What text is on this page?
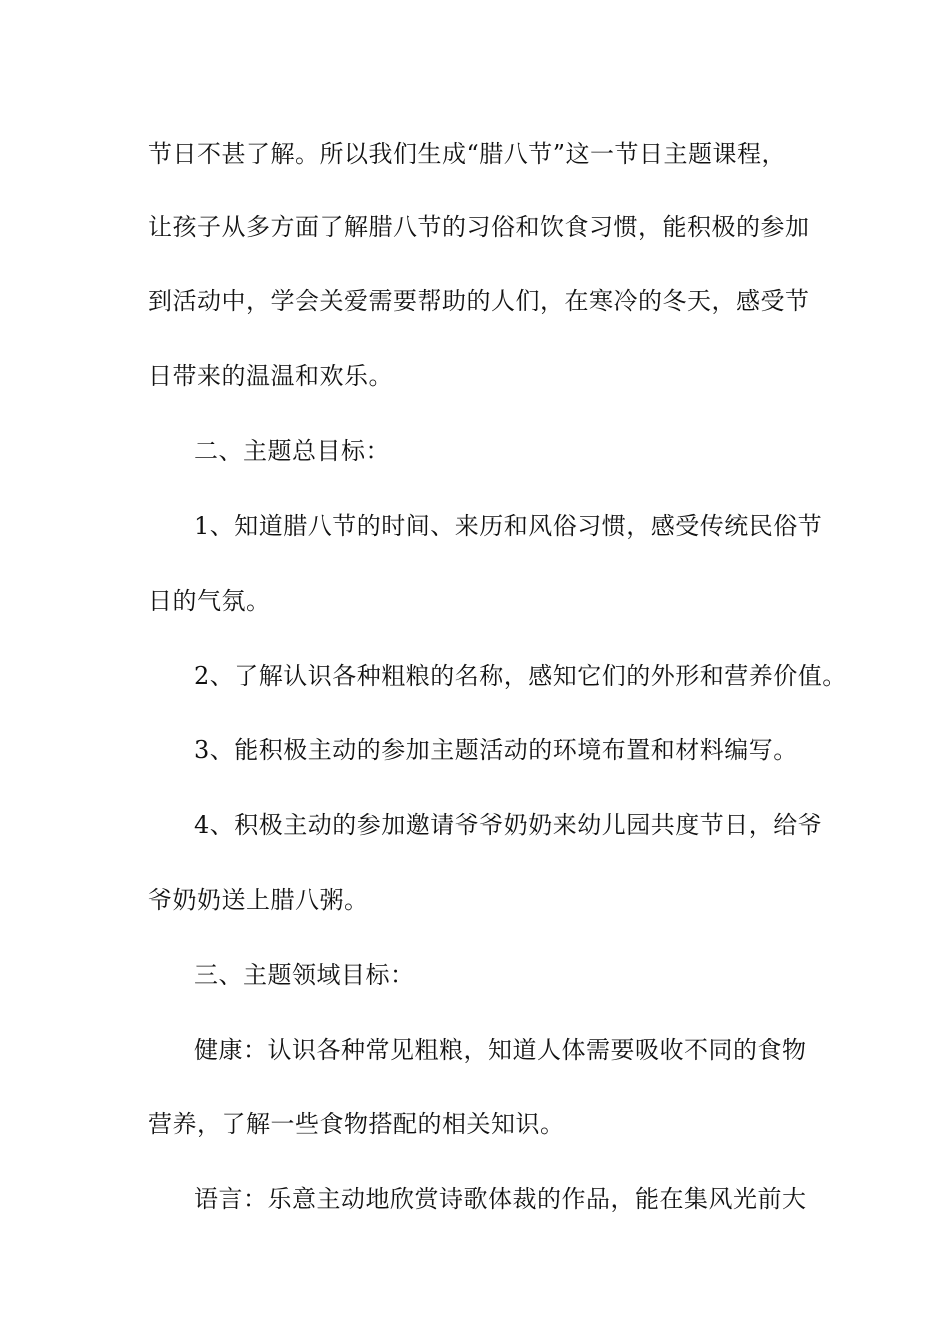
节日不甚了解。所以我们生成“腊八节”这一节日主题课程，
让孩子从多方面了解腊八节的习俗和饮食习惯，能积极的参加
到活动中，学会关爱需要帮助的人们，在寒冷的冬天，感受节
日带来的温温和欢乐。
二、主题总目标：
1、知道腊八节的时间、来历和风俗习惯，感受传统民俗节
日的气氛。
2、了解认识各种粗粮的名称，感知它们的外形和营养价值。
3、能积极主动的参加主题活动的环境布置和材料编写。
4、积极主动的参加邀请爷爷奶奶来幼儿园共度节日，给爷
爷奶奶送上腊八粥。
三、主题领域目标：
健康：认识各种常见粗粮，知道人体需要吸收不同的食物
营养，了解一些食物搭配的相关知识。
语言：乐意主动地欣赏诗歌体裁的作品，能在集风光前大
